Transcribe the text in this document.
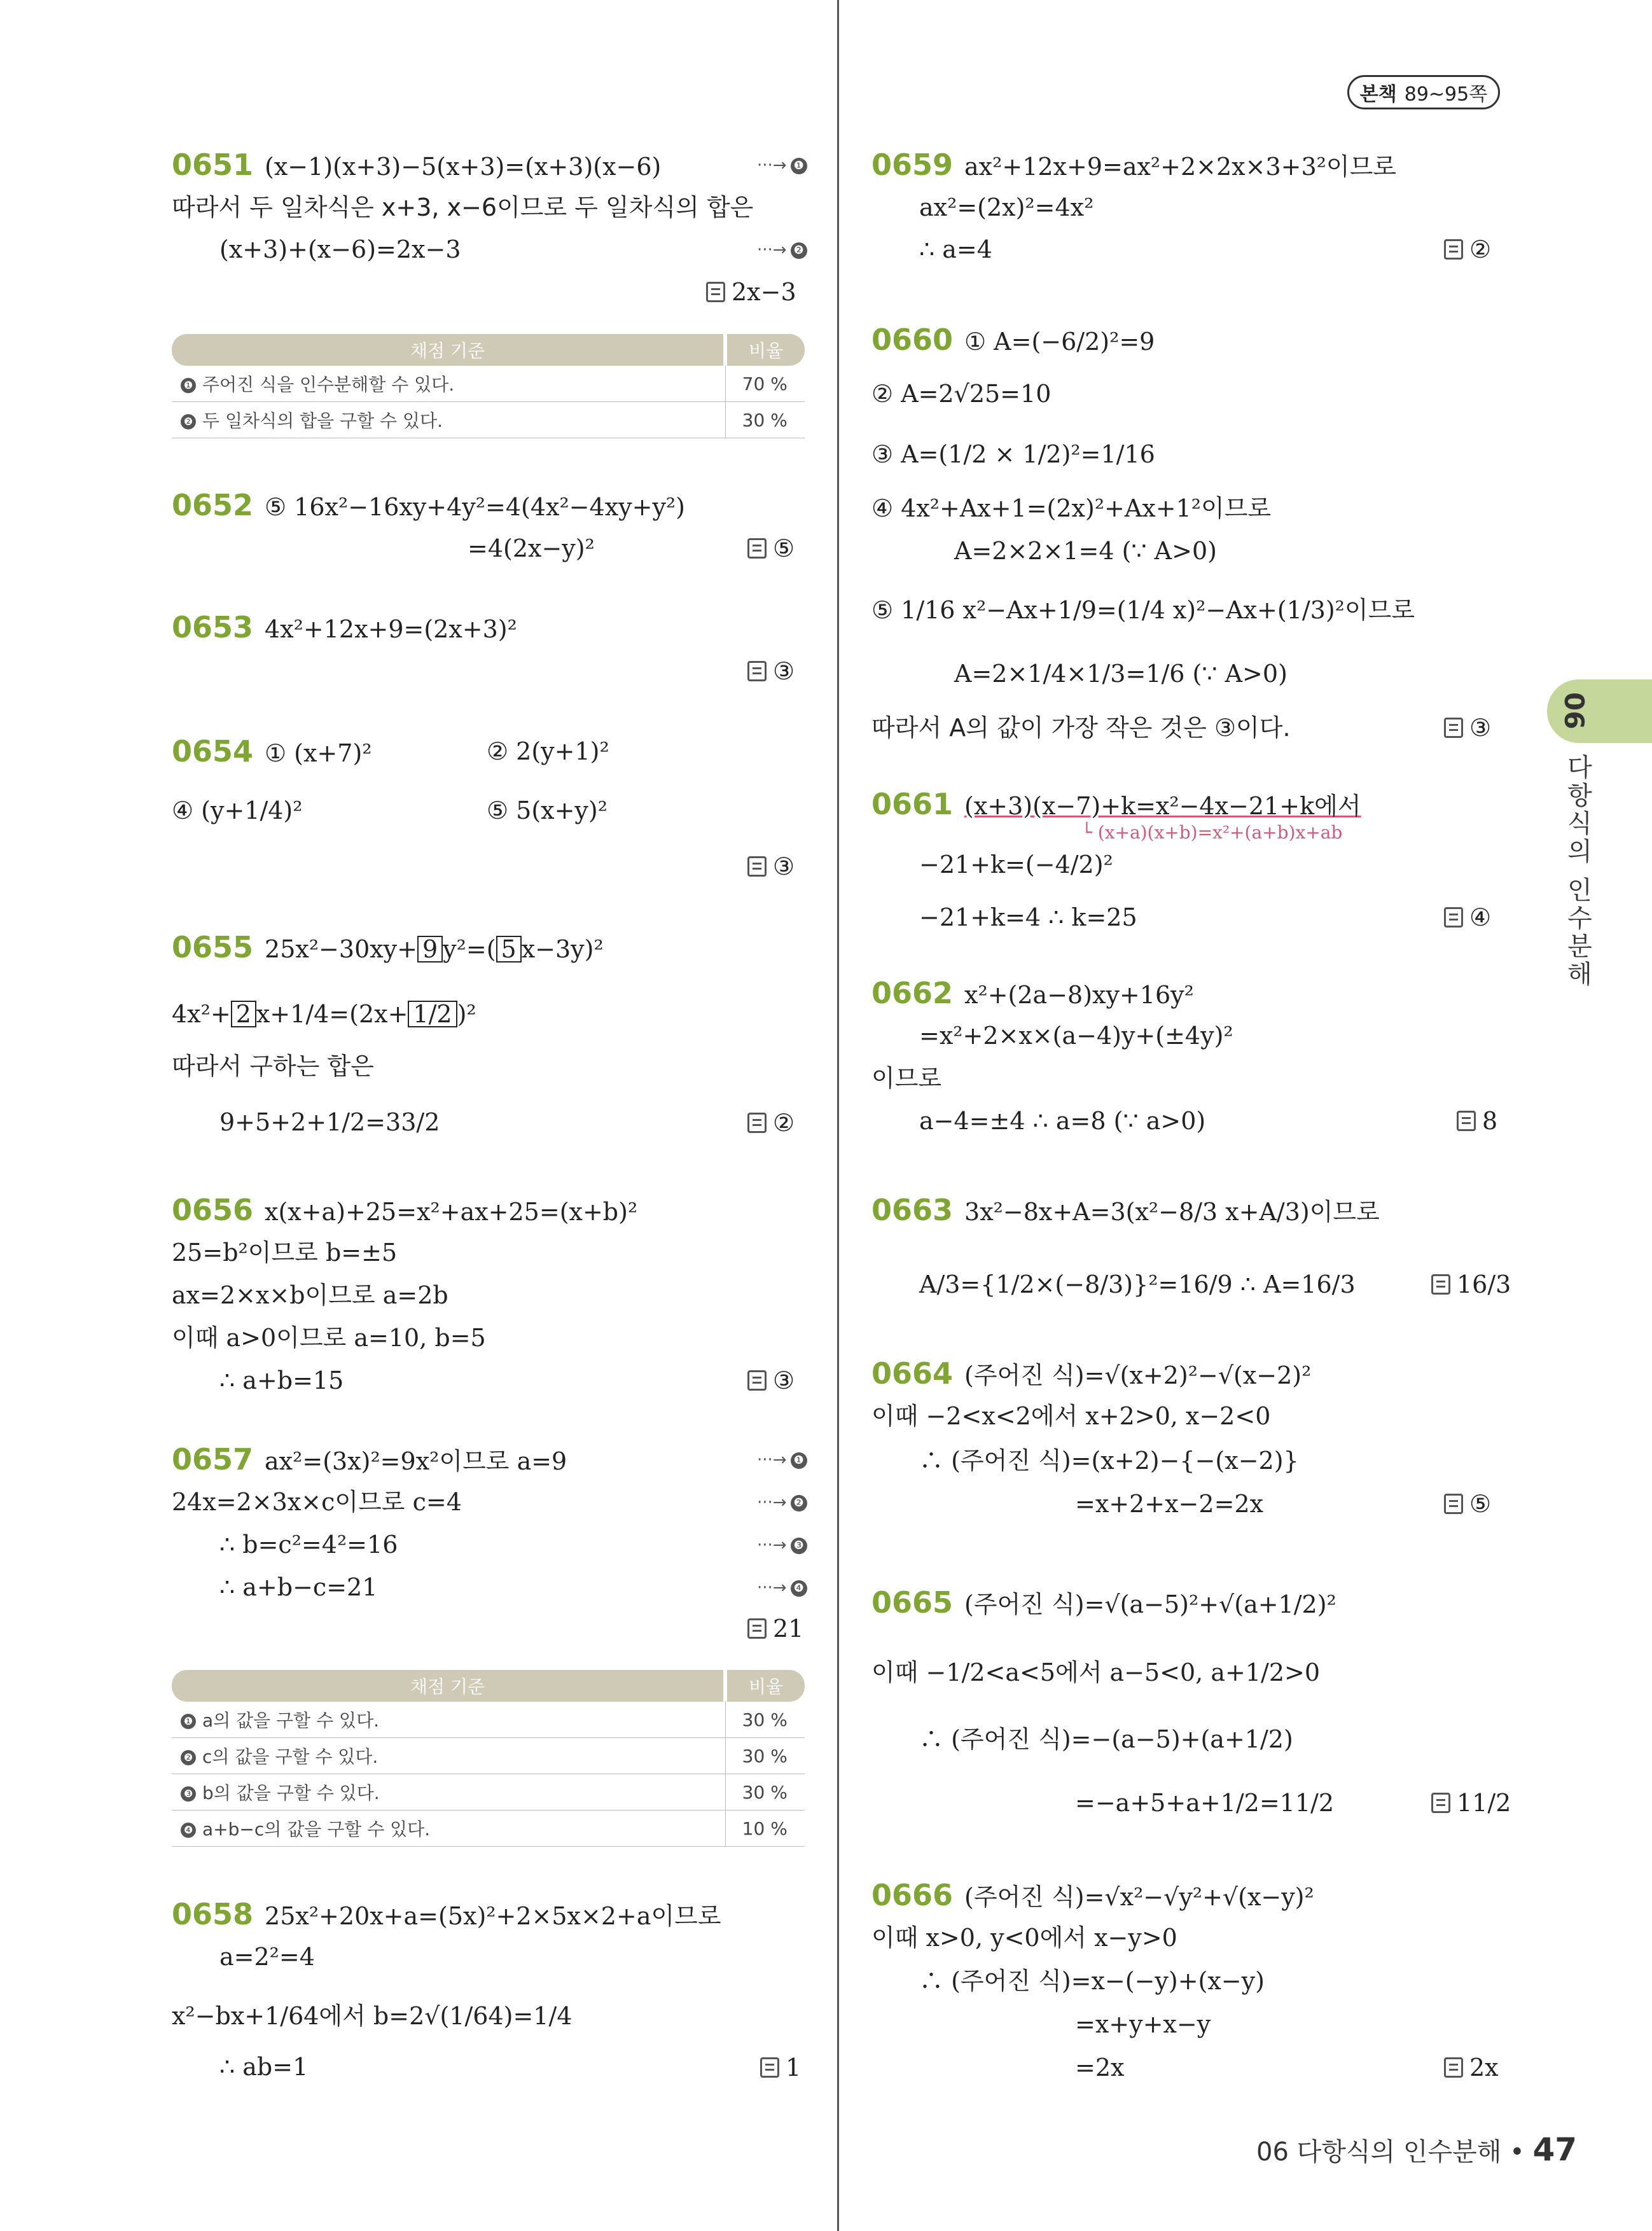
본책 89~95쪽
06
다항식의 인수분해
0651 (x−1)(x+3)−5(x+3)=(x+3)(x−6)	···→ ❶
따라서 두 일차식은 x+3, x−6이므로 두 일차식의 합은
(x+3)+(x−6)=2x−3	···→ ❷
2x−3
채점 기준	비율
❶ 주어진 식을 인수분해할 수 있다.	70 %
❷ 두 일차식의 합을 구할 수 있다.	30 %
0652 ⑤ 16x²−16xy+4y²=4(4x²−4xy+y²)
=4(2x−y)²	⑤
0653 4x²+12x+9=(2x+3)²
③
0654 ① (x+7)²	② 2(y+1)²
④ (y+1/4)²	⑤ 5(x+y)²
③
0655 25x²−30xy+ 9 y²=( 5 x−3y)²
4x²+ 2 x+1/4=(2x+ 1/2 )²
따라서 구하는 합은
9+5+2+1/2=33/2	②
0656 x(x+a)+25=x²+ax+25=(x+b)²
25=b²이므로 b=±5
ax=2×x×b이므로 a=2b
이때 a>0이므로 a=10, b=5
∴ a+b=15	③
0657 ax²=(3x)²=9x²이므로 a=9	···→ ❶
24x=2×3x×c이므로 c=4	···→ ❷
∴ b=c²=4²=16	···→ ❸
∴ a+b−c=21	···→ ❹
21
채점 기준	비율
❶ a의 값을 구할 수 있다.	30 %
❷ c의 값을 구할 수 있다.	30 %
❸ b의 값을 구할 수 있다.	30 %
❹ a+b−c의 값을 구할 수 있다.	10 %
0658 25x²+20x+a=(5x)²+2×5x×2+a이므로
a=2²=4
x²−bx+1/64에서 b=2√(1/64)=1/4
∴ ab=1	1
0659 ax²+12x+9=ax²+2×2x×3+3²이므로
ax²=(2x)²=4x²
∴ a=4	②
0660 ① A=(−6/2)²=9
② A=2√25=10
③ A=(1/2 × 1/2)²=1/16
④ 4x²+Ax+1=(2x)²+Ax+1²이므로
A=2×2×1=4 (∵ A>0)
⑤ 1/16 x²−Ax+1/9=(1/4 x)²−Ax+(1/3)²이므로
A=2×1/4×1/3=1/6 (∵ A>0)
따라서 A의 값이 가장 작은 것은 ③이다.	③
0661 (x+3)(x−7)+k=x²−4x−21+k에서
└ (x+a)(x+b)=x²+(a+b)x+ab
−21+k=(−4/2)²
−21+k=4 ∴ k=25	④
0662 x²+(2a−8)xy+16y²
=x²+2×x×(a−4)y+(±4y)²
이므로
a−4=±4 ∴ a=8 (∵ a>0)	8
0663 3x²−8x+A=3(x²−8/3 x+A/3)이므로
A/3={1/2×(−8/3)}²=16/9 ∴ A=16/3	16/3
0664 (주어진 식)=√(x+2)²−√(x−2)²
이때 −2<x<2에서 x+2>0, x−2<0
∴ (주어진 식)=(x+2)−{−(x−2)}
=x+2+x−2=2x	⑤
0665 (주어진 식)=√(a−5)²+√(a+1/2)²
이때 −1/2<a<5에서 a−5<0, a+1/2>0
∴ (주어진 식)=−(a−5)+(a+1/2)
=−a+5+a+1/2=11/2	11/2
0666 (주어진 식)=√x²−√y²+√(x−y)²
이때 x>0, y<0에서 x−y>0
∴ (주어진 식)=x−(−y)+(x−y)
=x+y+x−y
=2x	2x
06 다항식의 인수분해 • 47
